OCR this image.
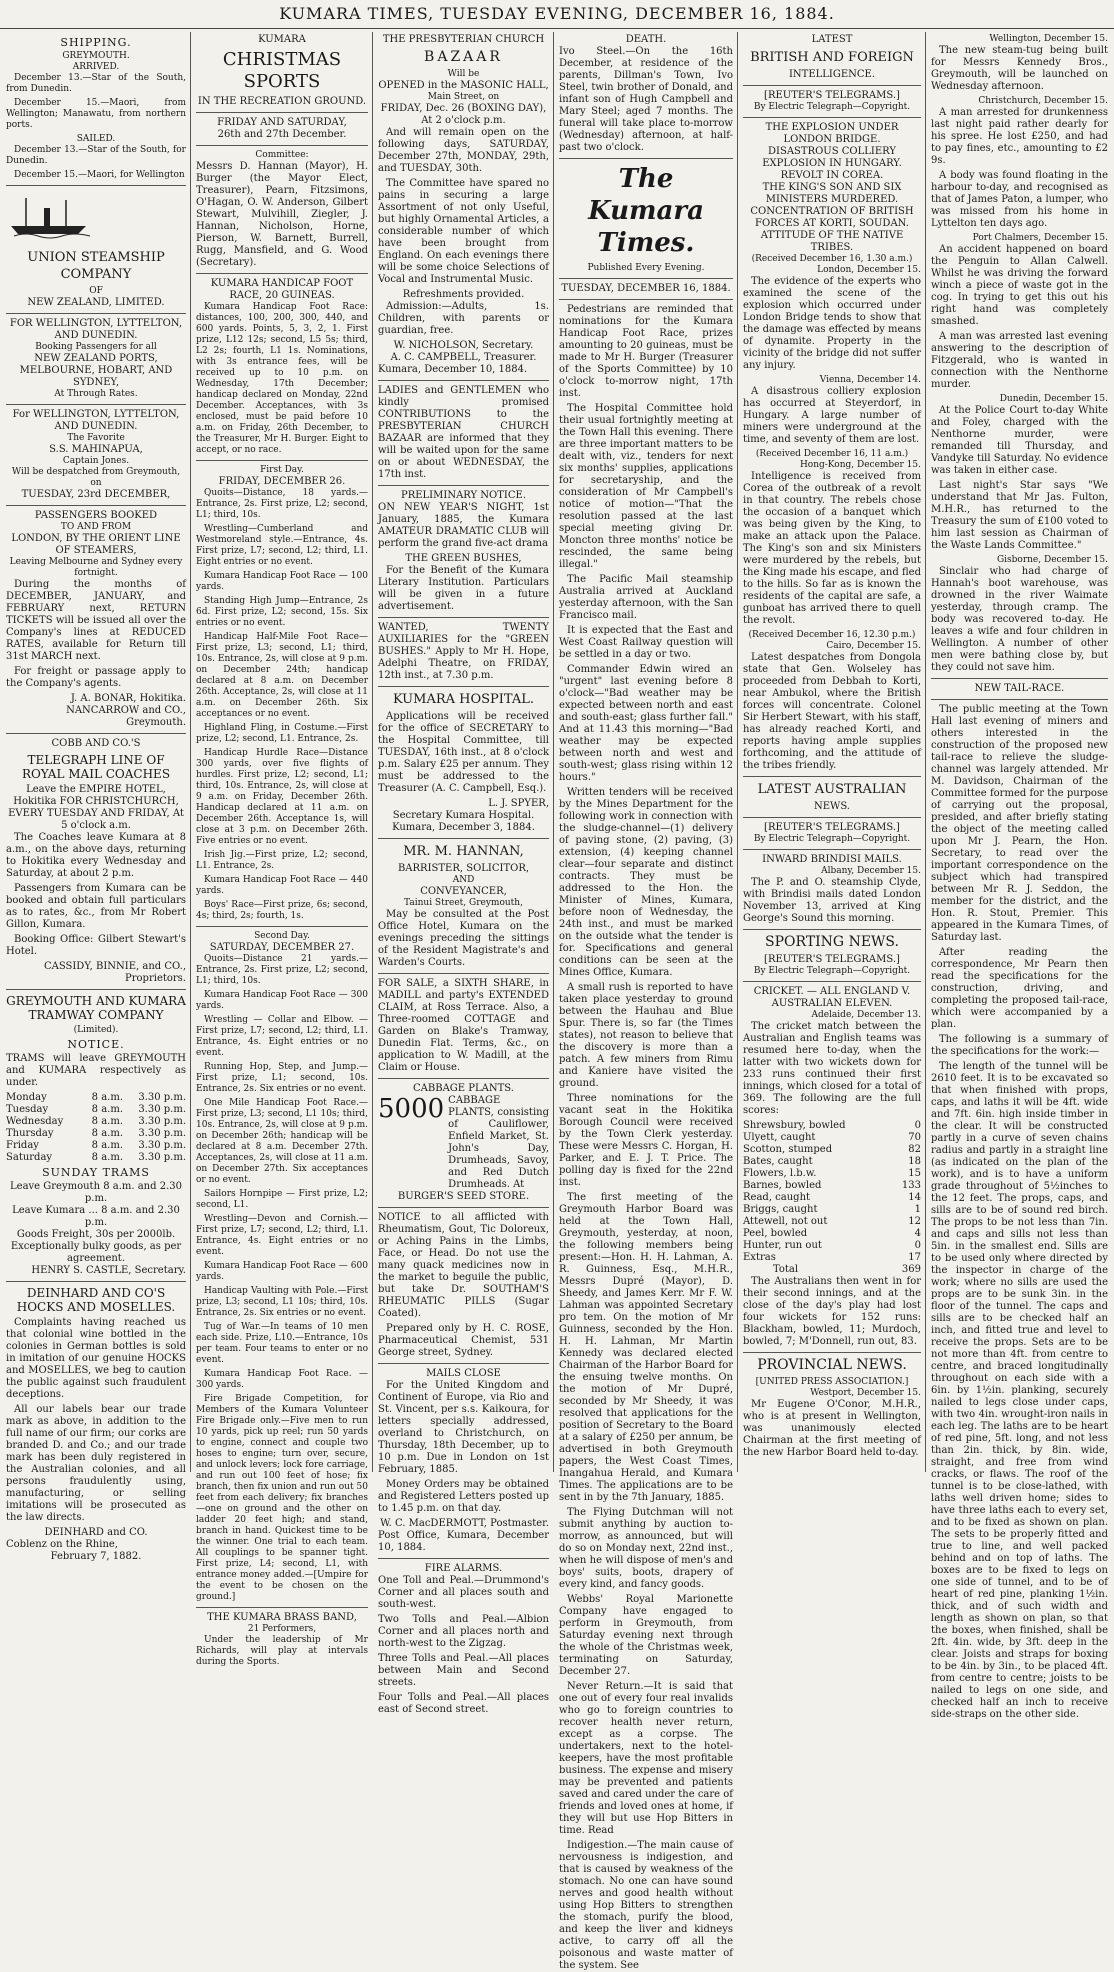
KUMARA TIMES, TUESDAY EVENING, DECEMBER 16, 1884.
SHIPPING.
GREYMOUTH.
ARRIVED.

December 13.—Star of the South, from Dunedin.

December 15.—Maori, from Wellington; Manawatu, from northern ports.

SAILED.

December 13.—Star of the South, for Dunedin.

December 15.—Maori, for Wellington

UNION STEAMSHIP COMPANY
OF
NEW ZEALAND, LIMITED.
FOR WELLINGTON, LYTTELTON, AND DUNEDIN.
Booking Passengers for all
NEW ZEALAND PORTS, MELBOURNE, HOBART, AND SYDNEY,
At Through Rates.
For WELLINGTON, LYTTELTON, AND DUNEDIN.
The Favorite
S.S. MAHINAPUA,
Captain Jones.
Will be despatched from Greymouth, on
TUESDAY, 23rd DECEMBER,
PASSENGERS BOOKED
TO AND FROM
LONDON, BY THE ORIENT LINE OF STEAMERS,
Leaving Melbourne and Sydney every fortnight.

During the months of DECEMBER, JANUARY, and FEBRUARY next, RETURN TICKETS will be issued all over the Company's lines at REDUCED RATES, available for Return till 31st MARCH next.

For freight or passage apply to the Company's agents.

J. A. BONAR, Hokitika.
NANCARROW and CO., Greymouth.
COBB AND CO.'S
TELEGRAPH LINE OF ROYAL MAIL COACHES
Leave the EMPIRE HOTEL, Hokitika FOR CHRISTCHURCH,
EVERY TUESDAY AND FRIDAY, At 5 o'clock a.m.

The Coaches leave Kumara at 8 a.m., on the above days, returning to Hokitika every Wednesday and Saturday, at about 2 p.m.

Passengers from Kumara can be booked and obtain full particulars as to rates, &c., from Mr Robert Gillon, Kumara.

Booking Office: Gilbert Stewart's Hotel.

CASSIDY, BINNIE, and CO., Proprietors.
GREYMOUTH AND KUMARA TRAMWAY COMPANY
(Limited).
NOTICE.

TRAMS will leave GREYMOUTH and KUMARA respectively as under.

Monday	8 a.m.	3.30 p.m.
Tuesday	8 a.m.	3.30 p.m.
Wednesday	8 a.m.	3.30 p.m.
Thursday	8 a.m.	3.30 p.m.
Friday	8 a.m.	3.30 p.m.
Saturday	8 a.m.	3.30 p.m.
SUNDAY TRAMS
Leave Greymouth 8 a.m. and 2.30 p.m.
Leave Kumara ... 8 a.m. and 2.30 p.m.
Goods Freight, 30s per 2000lb.
Exceptionally bulky goods, as per agreement.
HENRY S. CASTLE, Secretary.
DEINHARD AND CO'S HOCKS AND MOSELLES.

Complaints having reached us that colonial wine bottled in the colonies in German bottles is sold in imitation of our genuine HOCKS and MOSELLES, we beg to caution the public against such fraudulent deceptions.

All our labels bear our trade mark as above, in addition to the full name of our firm; our corks are branded D. and Co.; and our trade mark has been duly registered in the Australian colonies, and all persons fraudulently using, manufacturing, or selling imitations will be prosecuted as the law directs.

DEINHARD and CO.
Coblenz on the Rhine,
February 7, 1882.
KUMARA
CHRISTMAS SPORTS
IN THE RECREATION GROUND.
FRIDAY AND SATURDAY,
26th and 27th December.
Committee:

Messrs D. Hannan (Mayor), H. Burger (the Mayor Elect, Treasurer), Pearn, Fitzsimons, O'Hagan, O. W. Anderson, Gilbert Stewart, Mulvihill, Ziegler, J. Hannan, Nicholson, Horne, Pierson, W. Barnett, Burrell, Rugg, Mansfield, and G. Wood (Secretary).

KUMARA HANDICAP FOOT RACE, 20 GUINEAS.

Kumara Handicap Foot Race: distances, 100, 200, 300, 440, and 600 yards. Points, 5, 3, 2, 1. First prize, L12 12s; second, L5 5s; third, L2 2s; fourth, L1 1s. Nominations, with 3s entrance fees, will be received up to 10 p.m. on Wednesday, 17th December; handicap declared on Monday, 22nd December. Acceptances, with 3s enclosed, must be paid before 10 a.m. on Friday, 26th December, to the Treasurer, Mr H. Burger. Eight to accept, or no race.

First Day.
FRIDAY, DECEMBER 26.

Quoits—Distance, 18 yards.—Entrance, 2s. First prize, L2; second, L1; third, 10s.

Wrestling—Cumberland and Westmoreland style.—Entrance, 4s. First prize, L7; second, L2; third, L1. Eight entries or no event.

Kumara Handicap Foot Race — 100 yards.

Standing High Jump—Entrance, 2s 6d. First prize, L2; second, 15s. Six entries or no event.

Handicap Half-Mile Foot Race—First prize, L3; second, L1; third, 10s. Entrance, 2s, will close at 9 p.m. on December 24th; handicap declared at 8 a.m. on December 26th. Acceptance, 2s, will close at 11 a.m. on December 26th. Six acceptances or no event.

Highland Fling, in Costume.—First prize, L2; second, L1. Entrance, 2s.

Handicap Hurdle Race—Distance 300 yards, over five flights of hurdles. First prize, L2; second, L1; third, 10s. Entrance, 2s, will close at 9 a.m. on Friday, December 26th. Handicap declared at 11 a.m. on December 26th. Acceptance 1s, will close at 3 p.m. on December 26th. Five entries or no event.

Irish Jig.—First prize, L2; second, L1. Entrance, 2s.

Kumara Handicap Foot Race — 440 yards.

Boys' Race—First prize, 6s; second, 4s; third, 2s; fourth, 1s.

Second Day.
SATURDAY, DECEMBER 27.

Quoits—Distance 21 yards.—Entrance, 2s. First prize, L2; second, L1; third, 10s.

Kumara Handicap Foot Race — 300 yards.

Wrestling — Collar and Elbow. — First prize, L7; second, L2; third, L1. Entrance, 4s. Eight entries or no event.

Running Hop, Step, and Jump.—First prize, L1; second, 10s. Entrance, 2s. Six entries or no event.

One Mile Handicap Foot Race.—First prize, L3; second, L1 10s; third, 10s. Entrance, 2s, will close at 9 p.m. on December 26th; handicap will be declared at 8 a.m. December 27th. Acceptances, 2s, will close at 11 a.m. on December 27th. Six acceptances or no event.

Sailors Hornpipe — First prize, L2; second, L1.

Wrestling—Devon and Cornish.—First prize, L7; second, L2; third, L1. Entrance, 4s. Eight entries or no event.

Kumara Handicap Foot Race — 600 yards.

Handicap Vaulting with Pole.—First prize, L3; second, L1 10s; third, 10s. Entrance, 2s. Six entries or no event.

Tug of War.—In teams of 10 men each side. Prize, L10.—Entrance, 10s per team. Four teams to enter or no event.

Kumara Handicap Foot Race. — 300 yards.

Fire Brigade Competition, for Members of the Kumara Volunteer Fire Brigade only.—Five men to run 10 yards, pick up reel; run 50 yards to engine, connect and couple two hoses to engine; turn over, secure, and unlock levers; lock fore carriage, and run out 100 feet of hose; fix branch, then fix union and run out 50 feet from each delivery; fix branches—one on ground and the other on ladder 20 feet high; and stand, branch in hand. Quickest time to be the winner. One trial to each team. All couplings to be spanner tight. First prize, L4; second, L1, with entrance money added.—[Umpire for the event to be chosen on the ground.]

THE KUMARA BRASS BAND,
21 Performers,

Under the leadership of Mr Richards, will play at intervals during the Sports.

THE PRESBYTERIAN CHURCH
BAZAAR
Will be
OPENED in the MASONIC HALL,
Main Street, on
FRIDAY, Dec. 26 (BOXING DAY), At 2 o'clock p.m.

And will remain open on the following days, SATURDAY, December 27th, MONDAY, 29th, and TUESDAY, 30th.

The Committee have spared no pains in securing a large Assortment of not only Useful, but highly Ornamental Articles, a considerable number of which have been brought from England. On each evenings there will be some choice Selections of Vocal and Instrumental Music.

Refreshments provided.

Admission:—Adults, 1s. Children, with parents or guardian, free.

W. NICHOLSON, Secretary.
A. C. CAMPBELL, Treasurer.
Kumara, December 10, 1884.

LADIES and GENTLEMEN who kindly promised CONTRIBUTIONS to the PRESBYTERIAN CHURCH BAZAAR are informed that they will be waited upon for the same on or about WEDNESDAY, the 17th inst.

PRELIMINARY NOTICE.

ON NEW YEAR'S NIGHT, 1st January, 1885, the Kumara AMATEUR DRAMATIC CLUB will perform the grand five-act drama

THE GREEN BUSHES,

For the Benefit of the Kumara Literary Institution. Particulars will be given in a future advertisement.

WANTED, TWENTY AUXILIARIES for the "GREEN BUSHES." Apply to Mr H. Hope, Adelphi Theatre, on FRIDAY, 12th inst., at 7.30 p.m.

KUMARA HOSPITAL.

Applications will be received for the office of SECRETARY to the Hospital Committee, till TUESDAY, 16th inst., at 8 o'clock p.m. Salary £25 per annum. They must be addressed to the Treasurer (A. C. Campbell, Esq.).

L. J. SPYER,
Secretary Kumara Hospital.
Kumara, December 3, 1884.
MR. M. HANNAN,
BARRISTER, SOLICITOR,
AND
CONVEYANCER,
Tainui Street, Greymouth,

May be consulted at the Post Office Hotel, Kumara on the evenings preceding the sittings of the Resident Magistrate's and Warden's Courts.

FOR SALE, a SIXTH SHARE, in MADILL and party's EXTENDED CLAIM, at Ross Terrace. Also, a Three-roomed COTTAGE and Garden on Blake's Tramway, Dunedin Flat. Terms, &c., on application to W. Madill, at the Claim or House.

CABBAGE PLANTS.
5000 CABBAGE PLANTS, consisting of Cauliflower, Enfield Market, St. John's Day, Drumheads, Savoy, and Red Dutch Drumheads. At
BURGER'S SEED STORE.

NOTICE to all afflicted with Rheumatism, Gout, Tic Doloreux, or Aching Pains in the Limbs, Face, or Head. Do not use the many quack medicines now in the market to beguile the public, but take Dr. SOUTHAM'S RHEUMATIC PILLS (Sugar Coated).

Prepared only by H. C. ROSE, Pharmaceutical Chemist, 531 George street, Sydney.

MAILS CLOSE

For the United Kingdom and Continent of Europe, via Rio and St. Vincent, per s.s. Kaikoura, for letters specially addressed, overland to Christchurch, on Thursday, 18th December, up to 10 p.m. Due in London on 1st February, 1885.

Money Orders may be obtained and Registered Letters posted up to 1.45 p.m. on that day.

W. C. MacDERMOTT, Postmaster.
Post Office, Kumara, December 10, 1884.
FIRE ALARMS.

One Toll and Peal.—Drummond's Corner and all places south and south-west.

Two Tolls and Peal.—Albion Corner and all places north and north-west to the Zigzag.

Three Tolls and Peal.—All places between Main and Second streets.

Four Tolls and Peal.—All places east of Second street.

DEATH.

Ivo Steel.—On the 16th December, at residence of the parents, Dillman's Town, Ivo Steel, twin brother of Donald, and infant son of Hugh Campbell and Mary Steel; aged 7 months. The funeral will take place to-morrow (Wednesday) afternoon, at half-past two o'clock.

The Kumara Times.
Published Every Evening.
TUESDAY, DECEMBER 16, 1884.

Pedestrians are reminded that nominations for the Kumara Handicap Foot Race, prizes amounting to 20 guineas, must be made to Mr H. Burger (Treasurer of the Sports Committee) by 10 o'clock to-morrow night, 17th inst.

The Hospital Committee hold their usual fortnightly meeting at the Town Hall this evening. There are three important matters to be dealt with, viz., tenders for next six months' supplies, applications for secretaryship, and the consideration of Mr Campbell's notice of motion—"That the resolution passed at the last special meeting giving Dr. Moncton three months' notice be rescinded, the same being illegal."

The Pacific Mail steamship Australia arrived at Auckland yesterday afternoon, with the San Francisco mail.

It is expected that the East and West Coast Railway question will be settled in a day or two.

Commander Edwin wired an "urgent" last evening before 8 o'clock—"Bad weather may be expected between north and east and south-east; glass further fall." And at 11.43 this morning—"Bad weather may be expected between north and west and south-west; glass rising within 12 hours."

Written tenders will be received by the Mines Department for the following work in connection with the sludge-channel—(1) delivery of paving stone, (2) paving, (3) extension, (4) keeping channel clear—four separate and distinct contracts. They must be addressed to the Hon. the Minister of Mines, Kumara, before noon of Wednesday, the 24th inst., and must be marked on the outside what the tender is for. Specifications and general conditions can be seen at the Mines Office, Kumara.

A small rush is reported to have taken place yesterday to ground between the Hauhau and Blue Spur. There is, so far (the Times states), not reason to believe that the discovery is more than a patch. A few miners from Rimu and Kaniere have visited the ground.

Three nominations for the vacant seat in the Hokitika Borough Council were received by the Town Clerk yesterday. These were Messrs C. Horgan, H. Parker, and E. J. T. Price. The polling day is fixed for the 22nd inst.

The first meeting of the Greymouth Harbor Board was held at the Town Hall, Greymouth, yesterday, at noon, the following members being present:—Hon. H. H. Lahman, A. R. Guinness, Esq., M.H.R., Messrs Dupré (Mayor), D. Sheedy, and James Kerr. Mr F. W. Lahman was appointed Secretary pro tem. On the motion of Mr Guinness, seconded by the Hon. H. H. Lahman, Mr Martin Kennedy was declared elected Chairman of the Harbor Board for the ensuing twelve months. On the motion of Mr Dupré, seconded by Mr Sheedy, it was resolved that applications for the position of Secretary to the Board at a salary of £250 per annum, be advertised in both Greymouth papers, the West Coast Times, Inangahua Herald, and Kumara Times. The applications are to be sent in by the 7th January, 1885.

The Flying Dutchman will not submit anything by auction to-morrow, as announced, but will do so on Monday next, 22nd inst., when he will dispose of men's and boys' suits, boots, drapery of every kind, and fancy goods.

Webbs' Royal Marionette Company have engaged to perform in Greymouth, from Saturday evening next through the whole of the Christmas week, terminating on Saturday, December 27.

Never Return.—It is said that one out of every four real invalids who go to foreign countries to recover health never return, except as a corpse. The undertakers, next to the hotel-keepers, have the most profitable business. The expense and misery may be prevented and patients saved and cared under the care of friends and loved ones at home, if they will but use Hop Bitters in time. Read

Indigestion.—The main cause of nervousness is indigestion, and that is caused by weakness of the stomach. No one can have sound nerves and good health without using Hop Bitters to strengthen the stomach, purify the blood, and keep the liver and kidneys active, to carry off all the poisonous and waste matter of the system. See

LATEST
BRITISH AND FOREIGN
INTELLIGENCE.
[REUTER'S TELEGRAMS.]
By Electric Telegraph—Copyright.
THE EXPLOSION UNDER LONDON BRIDGE.
DISASTROUS COLLIERY EXPLOSION IN HUNGARY.
REVOLT IN COREA.
THE KING'S SON AND SIX MINISTERS MURDERED.
CONCENTRATION OF BRITISH FORCES AT KORTI, SOUDAN.
ATTITUDE OF THE NATIVE TRIBES.
(Received December 16, 1.30 a.m.)
London, December 15.

The evidence of the experts who examined the scene of the explosion which occurred under London Bridge tends to show that the damage was effected by means of dynamite. Property in the vicinity of the bridge did not suffer any injury.

Vienna, December 14.

A disastrous colliery explosion has occurred at Steyerdorf, in Hungary. A large number of miners were underground at the time, and seventy of them are lost.

(Received December 16, 11 a.m.)
Hong-Kong, December 15.

Intelligence is received from Corea of the outbreak of a revolt in that country. The rebels chose the occasion of a banquet which was being given by the King, to make an attack upon the Palace. The King's son and six Ministers were murdered by the rebels, but the King made his escape, and fled to the hills. So far as is known the residents of the capital are safe, a gunboat has arrived there to quell the revolt.

(Received December 16, 12.30 p.m.)
Cairo, December 15.

Latest despatches from Dongola state that Gen. Wolseley has proceeded from Debbah to Korti, near Ambukol, where the British forces will concentrate. Colonel Sir Herbert Stewart, with his staff, has already reached Korti, and reports having ample supplies forthcoming, and the attitude of the tribes friendly.

LATEST AUSTRALIAN
NEWS.
[REUTER'S TELEGRAMS.]
By Electric Telegraph—Copyright.
INWARD BRINDISI MAILS.
Albany, December 15.

The P. and O. steamship Clyde, with Brindisi mails dated London November 13, arrived at King George's Sound this morning.

SPORTING NEWS.
[REUTER'S TELEGRAMS.]
By Electric Telegraph—Copyright.
CRICKET. — ALL ENGLAND V. AUSTRALIAN ELEVEN.
Adelaide, December 13.

The cricket match between the Australian and English teams was resumed here to-day, when the latter with two wickets down for 233 runs continued their first innings, which closed for a total of 369. The following are the full scores:

Shrewsbury, bowled	0
Ulyett, caught	70
Scotton, stumped	82
Bates, caught	18
Flowers, l.b.w.	15
Barnes, bowled	133
Read, caught	14
Briggs, caught	1
Attewell, not out	12
Peel, bowled	4
Hunter, run out	0
Extras	17
Total	369

The Australians then went in for their second innings, and at the close of the day's play had lost four wickets for 152 runs: Blackham, bowled, 11; Murdoch, bowled, 7; M'Donnell, run out, 83.

PROVINCIAL NEWS.
[UNITED PRESS ASSOCIATION.]
Westport, December 15.

Mr Eugene O'Conor, M.H.R., who is at present in Wellington, was unanimously elected Chairman at the first meeting of the new Harbor Board held to-day.

Wellington, December 15.

The new steam-tug being built for Messrs Kennedy Bros., Greymouth, will be launched on Wednesday afternoon.

Christchurch, December 15.

A man arrested for drunkenness last night paid rather dearly for his spree. He lost £250, and had to pay fines, etc., amounting to £2 9s.

A body was found floating in the harbour to-day, and recognised as that of James Paton, a lumper, who was missed from his home in Lyttelton ten days ago.

Port Chalmers, December 15.

An accident happened on board the Penguin to Allan Calwell. Whilst he was driving the forward winch a piece of waste got in the cog. In trying to get this out his right hand was completely smashed.

A man was arrested last evening answering to the description of Fitzgerald, who is wanted in connection with the Nenthorne murder.

Dunedin, December 15.

At the Police Court to-day White and Foley, charged with the Nenthorne murder, were remanded till Thursday, and Vandyke till Saturday. No evidence was taken in either case.

Last night's Star says "We understand that Mr Jas. Fulton, M.H.R., has returned to the Treasury the sum of £100 voted to him last session as Chairman of the Waste Lands Committee."

Gisborne, December 15.

Sinclair who had charge of Hannah's boot warehouse, was drowned in the river Waimate yesterday, through cramp. The body was recovered to-day. He leaves a wife and four children in Wellington. A number of other men were bathing close by, but they could not save him.

NEW TAIL-RACE.

The public meeting at the Town Hall last evening of miners and others interested in the construction of the proposed new tail-race to relieve the sludge-channel was largely attended. Mr M. Davidson, Chairman of the Committee formed for the purpose of carrying out the proposal, presided, and after briefly stating the object of the meeting called upon Mr J. Pearn, the Hon. Secretary, to read over the important correspondence on the subject which had transpired between Mr R. J. Seddon, the member for the district, and the Hon. R. Stout, Premier. This appeared in the Kumara Times, of Saturday last.

After reading the correspondence, Mr Pearn then read the specifications for the construction, driving, and completing the proposed tail-race, which were accompanied by a plan.

The following is a summary of the specifications for the work:—

The length of the tunnel will be 2610 feet. It is to be excavated so that when finished with props, caps, and laths it will be 4ft. wide and 7ft. 6in. high inside timber in the clear. It will be constructed partly in a curve of seven chains radius and partly in a straight line (as indicated on the plan of the work), and is to have a uniform grade throughout of 5½inches to the 12 feet. The props, caps, and sills are to be of sound red birch. The props to be not less than 7in. and caps and sills not less than 5in. in the smallest end. Sills are to be used only where directed by the inspector in charge of the work; where no sills are used the props are to be sunk 3in. in the floor of the tunnel. The caps and sills are to be checked half an inch, and fitted true and level to receive the props. Sets are to be not more than 4ft. from centre to centre, and braced longitudinally throughout on each side with a 6in. by 1½in. planking, securely nailed to legs close under caps, with two 4in. wrought-iron nails in each leg. The laths are to be heart of red pine, 5ft. long, and not less than 2in. thick, by 8in. wide, straight, and free from wind cracks, or flaws. The roof of the tunnel is to be close-lathed, with laths well driven home; sides to have three laths each to every set, and to be fixed as shown on plan. The sets to be properly fitted and true to line, and well packed behind and on top of laths. The boxes are to be fixed to legs on one side of tunnel, and to be of heart of red pine, planking 1½in. thick, and of such width and length as shown on plan, so that the boxes, when finished, shall be 2ft. 4in. wide, by 3ft. deep in the clear. Joists and straps for boxing to be 4in. by 3in., to be placed 4ft. from centre to centre; joists to be nailed to legs on one side, and checked half an inch to receive side-straps on the other side.
